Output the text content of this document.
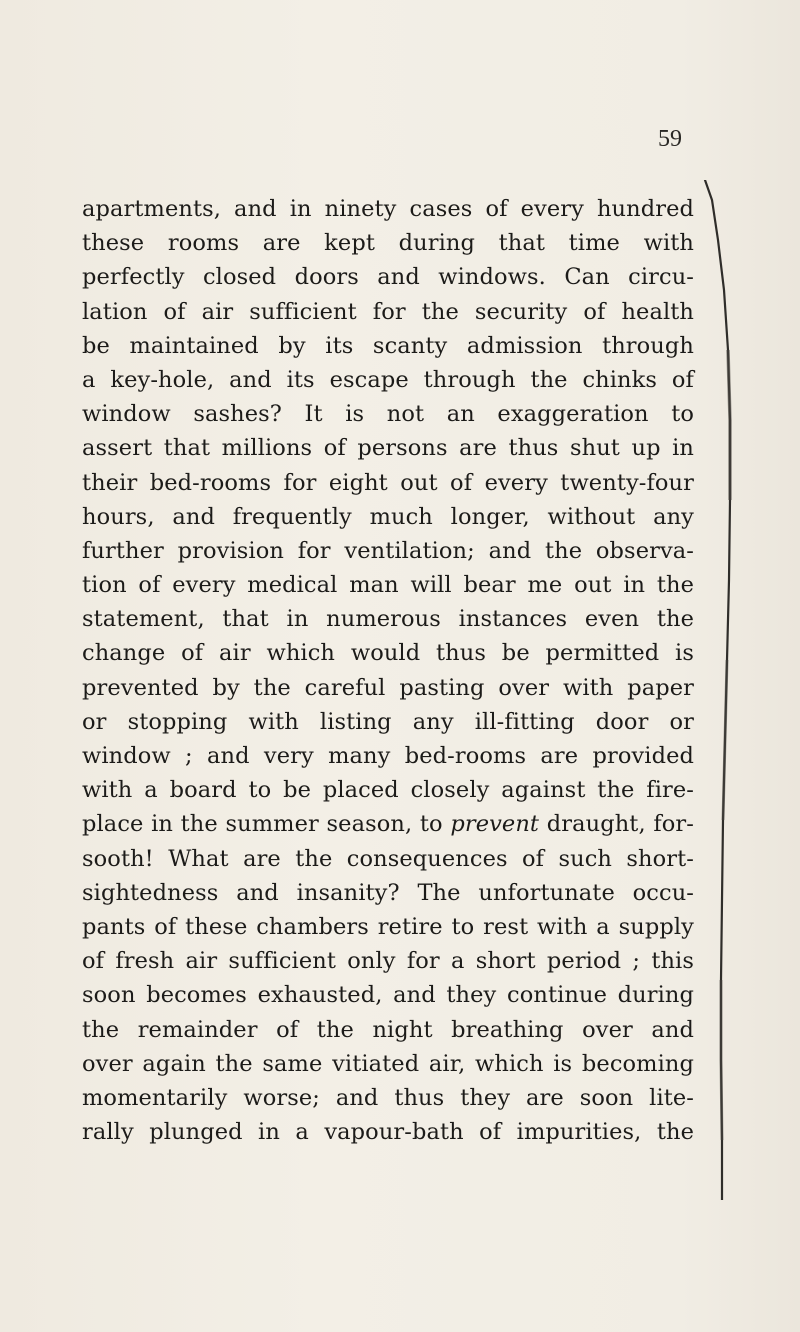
59
apartments, and in ninety cases of every hundred
these rooms are kept during that time with
perfectly closed doors and windows. Can circu-
lation of air sufficient for the security of health
be maintained by its scanty admission through
a key-hole, and its escape through the chinks of
window sashes? It is not an exaggeration to
assert that millions of persons are thus shut up in
their bed-rooms for eight out of every twenty-four
hours, and frequently much longer, without any
further provision for ventilation; and the observa-
tion of every medical man will bear me out in the
statement, that in numerous instances even the
change of air which would thus be permitted is
prevented by the careful pasting over with paper
or stopping with listing any ill-fitting door or
window ; and very many bed-rooms are provided
with a board to be placed closely against the fire-
place in the summer season, to prevent draught, for-
sooth! What are the consequences of such short-
sightedness and insanity? The unfortunate occu-
pants of these chambers retire to rest with a supply
of fresh air sufficient only for a short period ; this
soon becomes exhausted, and they continue during
the remainder of the night breathing over and
over again the same vitiated air, which is becoming
momentarily worse; and thus they are soon lite-
rally plunged in a vapour-bath of impurities, the
